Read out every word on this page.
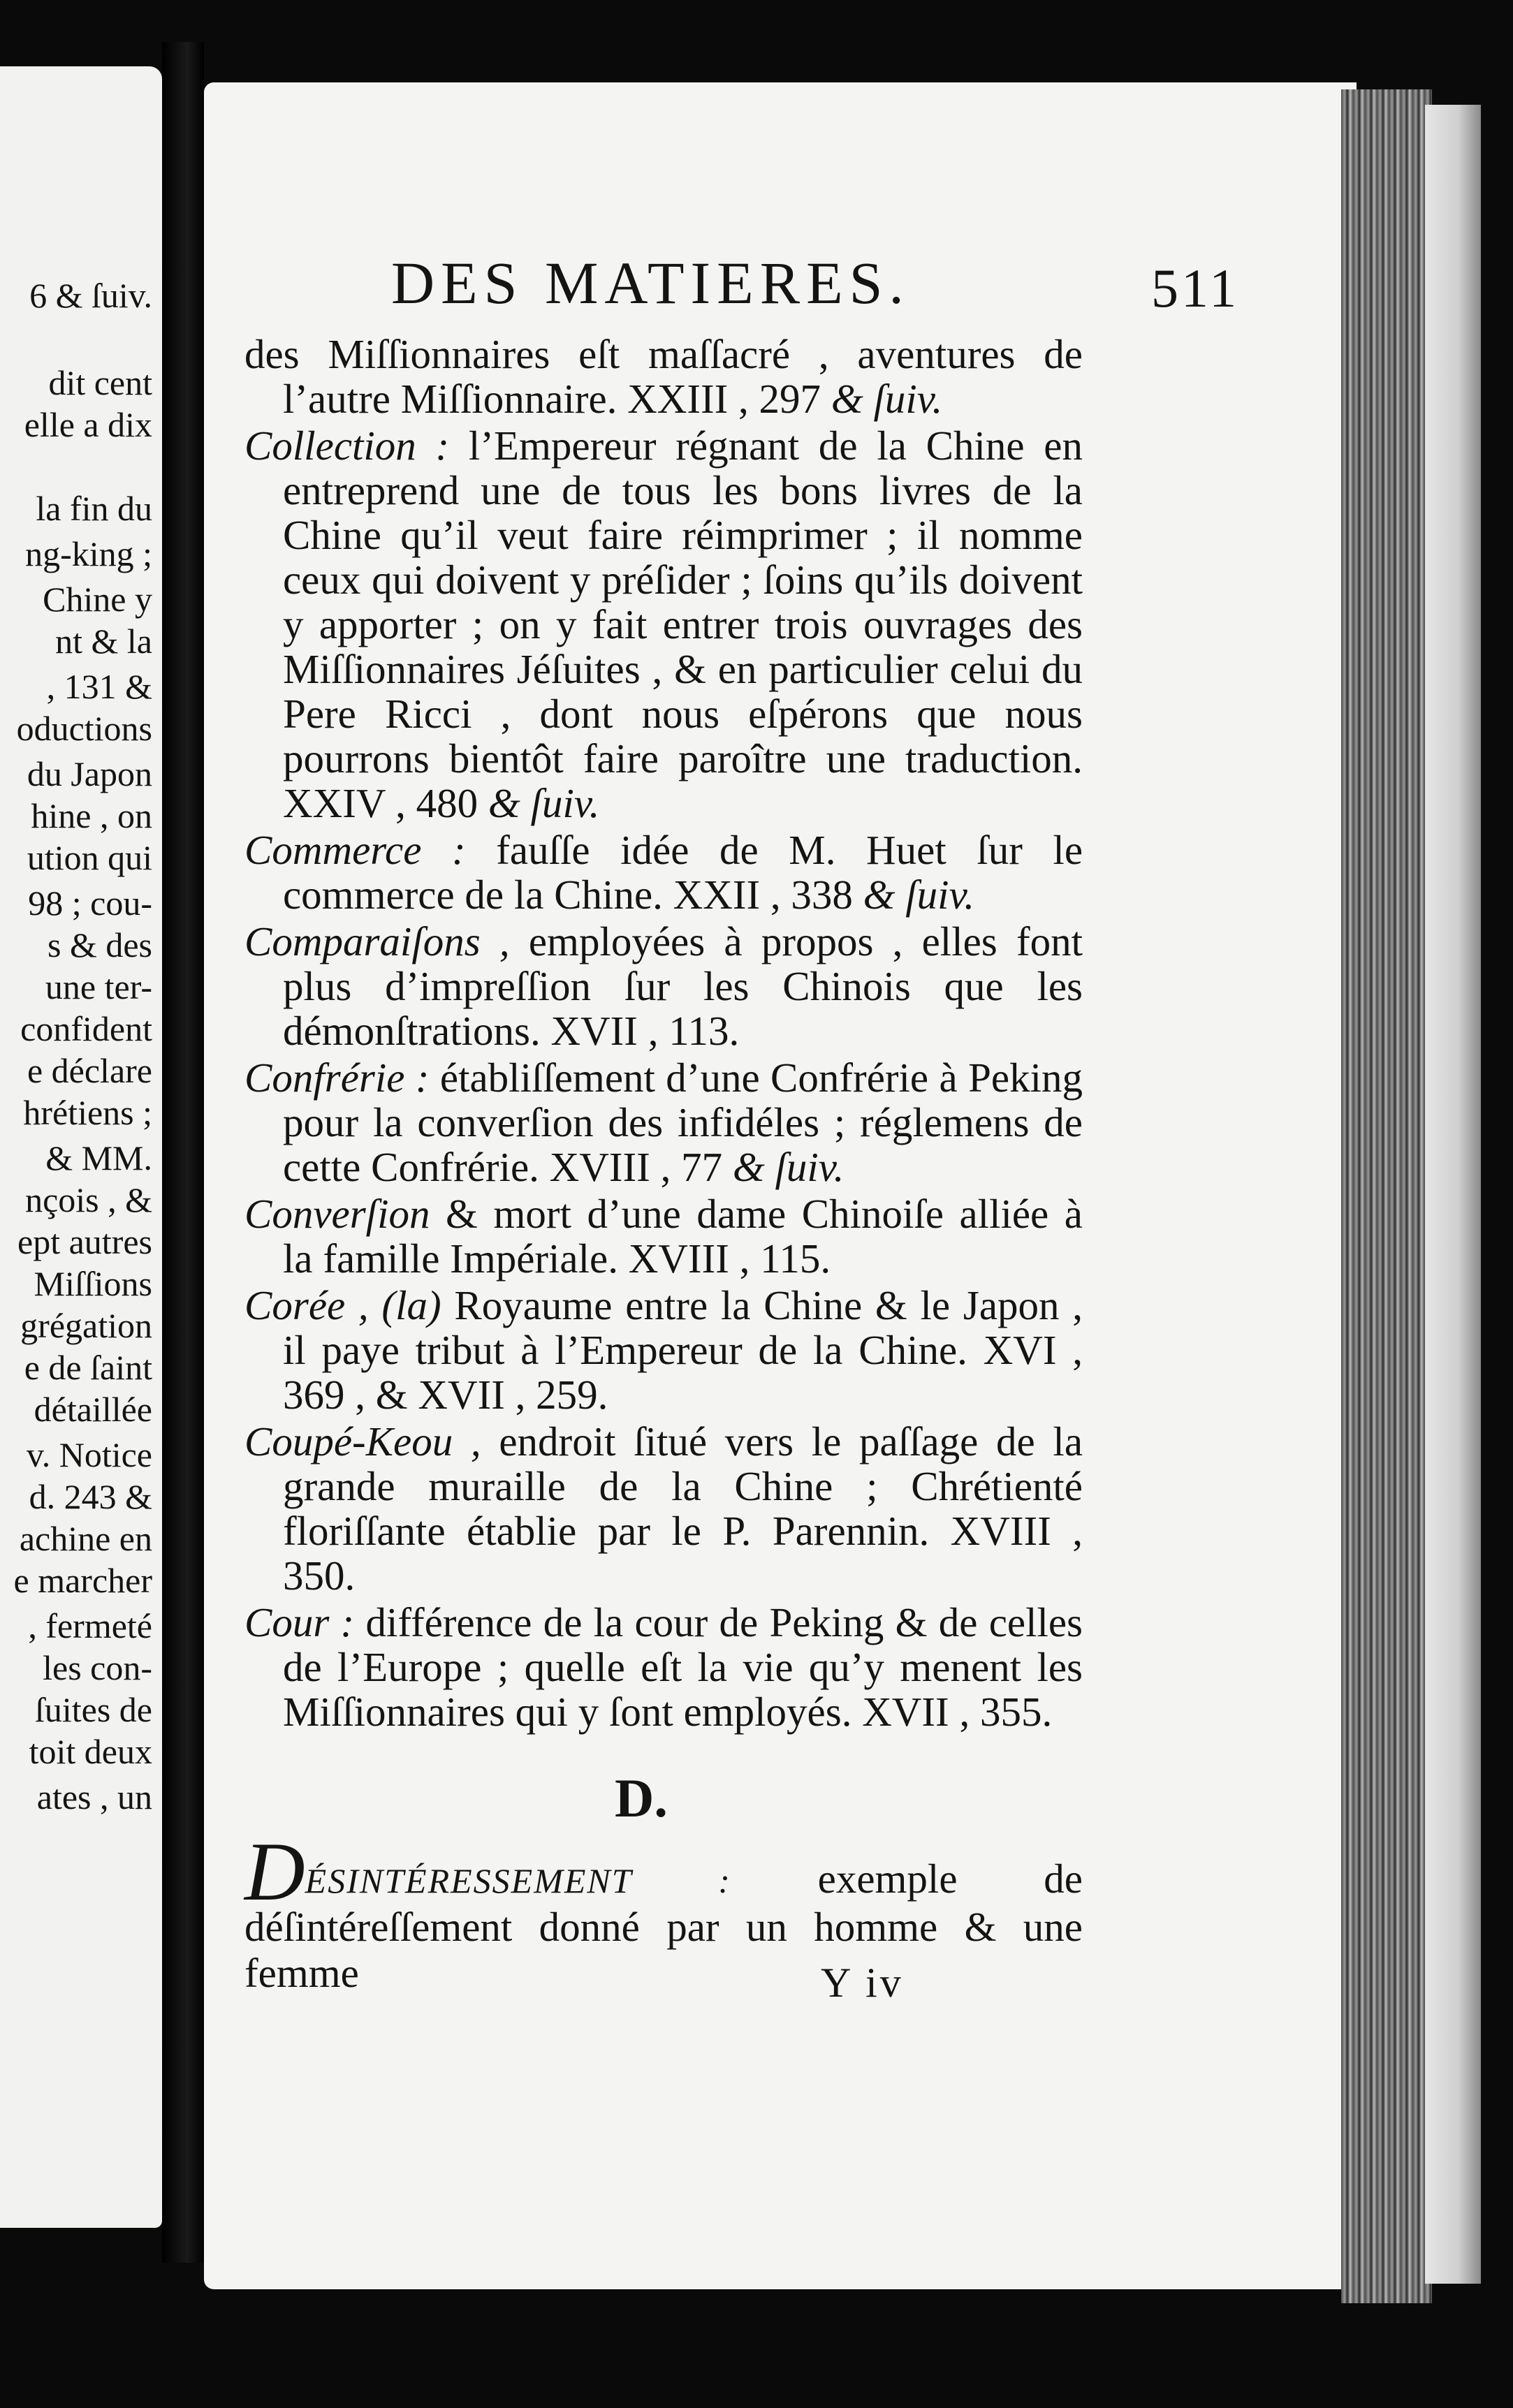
6 & ſuiv.
dit cent
elle a dix
la fin du
ng-king ;
Chine y
nt & la
, 131 &
oductions
du Japon
hine , on
ution qui
98 ; cou-
s & des
une ter-
confident
e déclare
hrétiens ;
& MM.
nçois , &
ept autres
Miſſions
grégation
e de ſaint
détaillée
v. Notice
d. 243 &
achine en
e marcher
, fermeté
les con-
ſuites de
toit deux
ates , un
DES MATIERES.	511

des Miſſionnaires eſt maſſacré , aventures de l’autre Miſſionnaire. XXIII , 297 & ſuiv.

Collection : l’Empereur régnant de la Chine en entreprend une de tous les bons livres de la Chine qu’il veut faire réimprimer ; il nomme ceux qui doivent y préſider ; ſoins qu’ils doivent y apporter ; on y fait entrer trois ouvrages des Miſſionnaires Jéſuites , & en particulier celui du Pere Ricci , dont nous eſpérons que nous pourrons bientôt faire paroître une traduction. XXIV , 480 & ſuiv.

Commerce : fauſſe idée de M. Huet ſur le commerce de la Chine. XXII , 338 & ſuiv.

Comparaiſons , employées à propos , elles font plus d’impreſſion ſur les Chinois que les démonſtrations. XVII , 113.

Confrérie : établiſſement d’une Confrérie à Peking pour la converſion des infidéles ; réglemens de cette Confrérie. XVIII , 77 & ſuiv.

Converſion & mort d’une dame Chinoiſe alliée à la famille Impériale. XVIII , 115.

Corée , (la) Royaume entre la Chine & le Japon , il paye tribut à l’Empereur de la Chine. XVI , 369 , & XVII , 259.

Coupé-Keou , endroit ſitué vers le paſſage de la grande muraille de la Chine ; Chrétienté floriſſante établie par le P. Parennin. XVIII , 350.

Cour : différence de la cour de Peking & de celles de l’Europe ; quelle eſt la vie qu’y menent les Miſſionnaires qui y ſont employés. XVII , 355.

D.
DÉSINTÉRESSEMENT : exemple de déſintéreſſement donné par un homme & une femme	Y iv
